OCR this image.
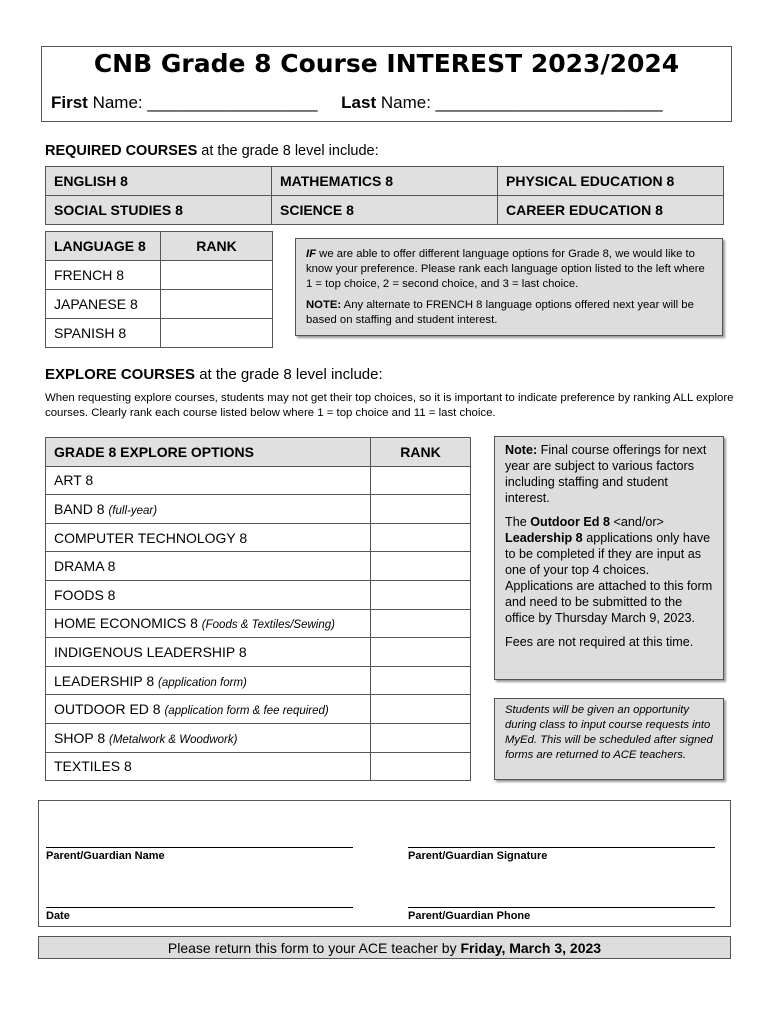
CNB Grade 8 Course INTEREST 2023/2024
First Name: __________________ Last Name: ________________________
REQUIRED COURSES at the grade 8 level include:
ENGLISH 8	MATHEMATICS 8	PHYSICAL EDUCATION 8
SOCIAL STUDIES 8	SCIENCE 8	CAREER EDUCATION 8
LANGUAGE 8	RANK
FRENCH 8	
JAPANESE 8	
SPANISH 8	

IF we are able to offer different language options for Grade 8, we would like to know your preference. Please rank each language option listed to the left where 1 = top choice, 2 = second choice, and 3 = last choice.

NOTE: Any alternate to FRENCH 8 language options offered next year will be based on staffing and student interest.

EXPLORE COURSES at the grade 8 level include:
When requesting explore courses, students may not get their top choices, so it is important to indicate preference by ranking ALL explore courses. Clearly rank each course listed below where 1 = top choice and 11 = last choice.
GRADE 8 EXPLORE OPTIONS	RANK
ART 8	
BAND 8 (full-year)	
COMPUTER TECHNOLOGY 8	
DRAMA 8	
FOODS 8	
HOME ECONOMICS 8 (Foods & Textiles/Sewing)	
INDIGENOUS LEADERSHIP 8	
LEADERSHIP 8 (application form)	
OUTDOOR ED 8 (application form & fee required)	
SHOP 8 (Metalwork & Woodwork)	
TEXTILES 8	

Note: Final course offerings for next year are subject to various factors including staffing and student interest.

The Outdoor Ed 8 <and/or> Leadership 8 applications only have to be completed if they are input as one of your top 4 choices. Applications are attached to this form and need to be submitted to the office by Thursday March 9, 2023.

Fees are not required at this time.

Students will be given an opportunity during class to input course requests into MyEd. This will be scheduled after signed forms are returned to ACE teachers.
Parent/Guardian Name	Parent/Guardian Signature
Date	Parent/Guardian Phone
Please return this form to your ACE teacher by Friday, March 3, 2023
